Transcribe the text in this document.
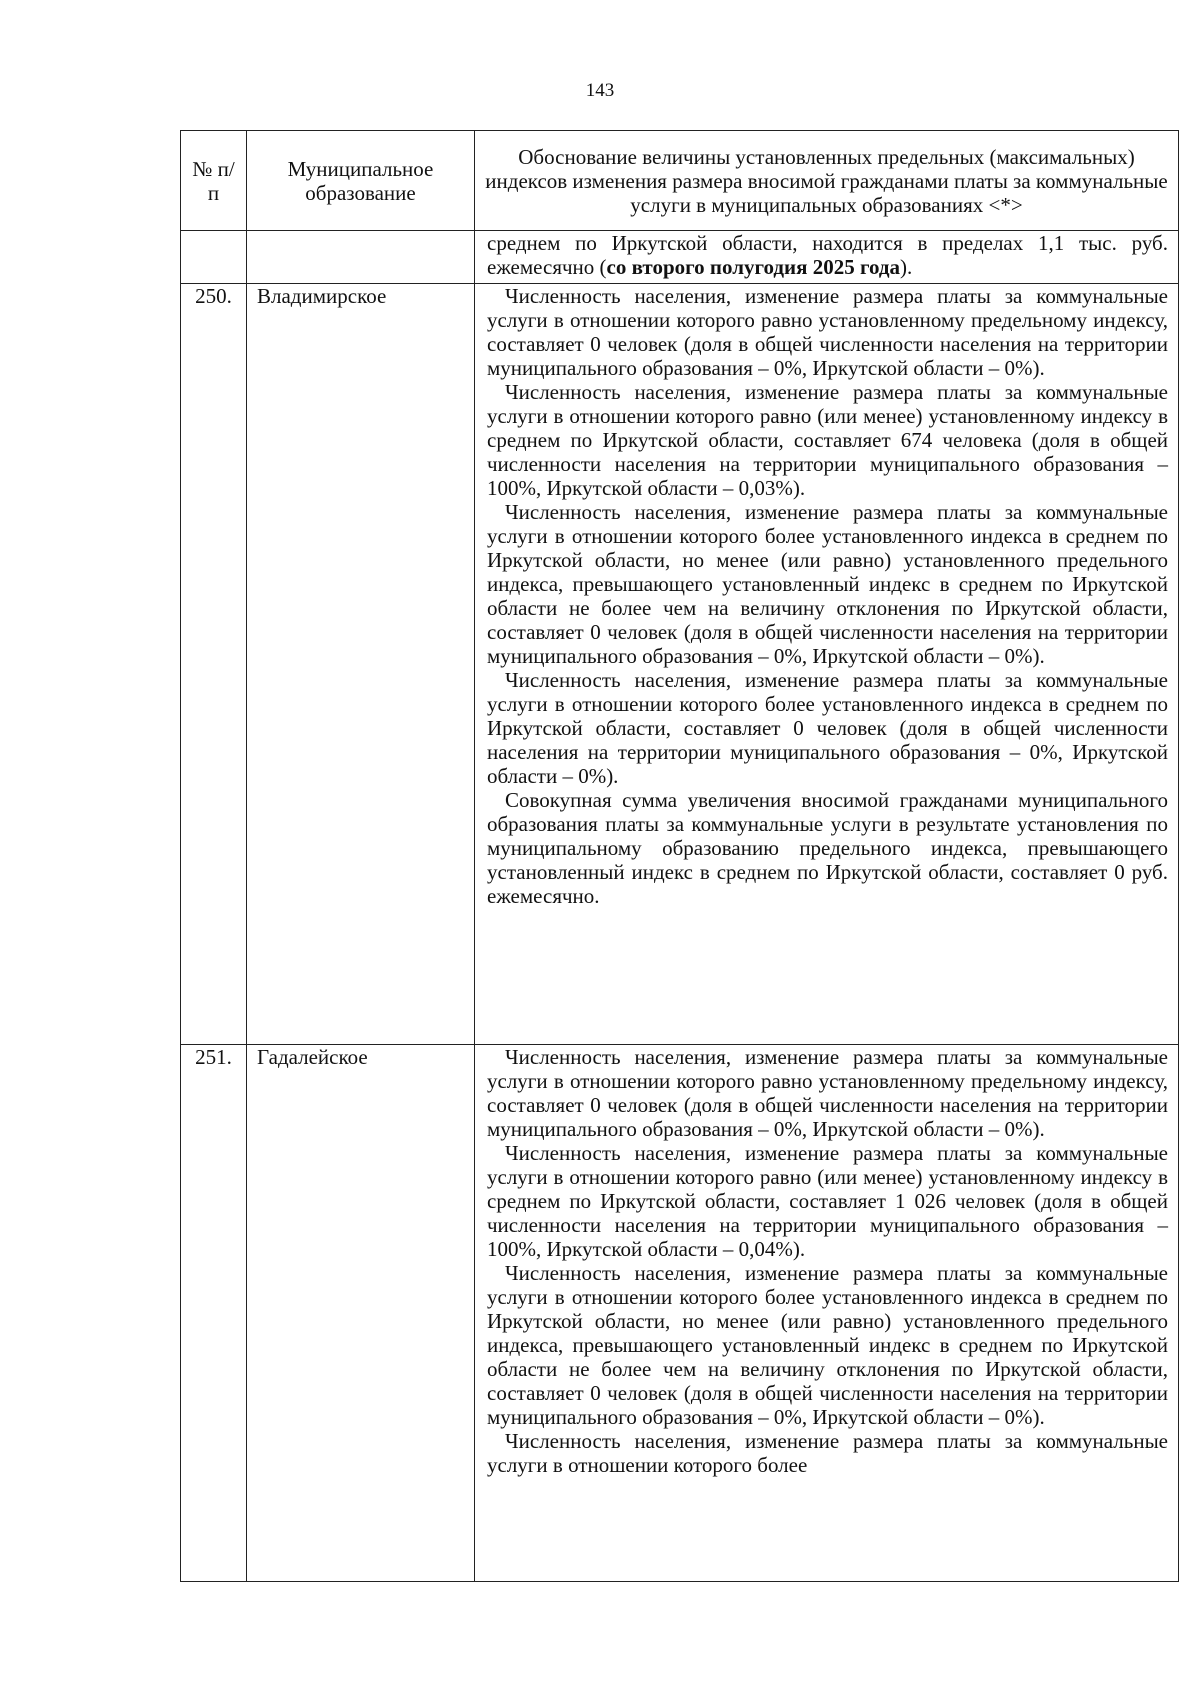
143
№ п/п	Муниципальное образование	Обоснование величины установленных предельных (максимальных) индексов изменения размера вносимой гражданами платы за коммунальные услуги в муниципальных образованиях <*>

		среднем по Иркутской области, находится в пределах 1,1 тыс. руб. ежемесячно (со второго полугодия 2025 года).

250.	Владимирское	Численность населения, изменение размера платы за коммунальные услуги в отношении которого равно установленному предельному индексу, составляет 0 человек (доля в общей численности населения на территории муниципального образования – 0%, Иркутской области – 0%).

Численность населения, изменение размера платы за коммунальные услуги в отношении которого равно (или менее) установленному индексу в среднем по Иркутской области, составляет 674 человека (доля в общей численности населения на территории муниципального образования – 100%, Иркутской области – 0,03%).

Численность населения, изменение размера платы за коммунальные услуги в отношении которого более установленного индекса в среднем по Иркутской области, но менее (или равно) установленного предельного индекса, превышающего установленный индекс в среднем по Иркутской области не более чем на величину отклонения по Иркутской области, составляет 0 человек (доля в общей численности населения на территории муниципального образования – 0%, Иркутской области – 0%).

Численность населения, изменение размера платы за коммунальные услуги в отношении которого более установленного индекса в среднем по Иркутской области, составляет 0 человек (доля в общей численности населения на территории муниципального образования – 0%, Иркутской области – 0%).

Совокупная сумма увеличения вносимой гражданами муниципального образования платы за коммунальные услуги в результате установления по муниципальному образованию предельного индекса, превышающего установленный индекс в среднем по Иркутской области, составляет 0 руб. ежемесячно.

251.	Гадалейское	Численность населения, изменение размера платы за коммунальные услуги в отношении которого равно установленному предельному индексу, составляет 0 человек (доля в общей численности населения на территории муниципального образования – 0%, Иркутской области – 0%).

Численность населения, изменение размера платы за коммунальные услуги в отношении которого равно (или менее) установленному индексу в среднем по Иркутской области, составляет 1 026 человек (доля в общей численности населения на территории муниципального образования – 100%, Иркутской области – 0,04%).

Численность населения, изменение размера платы за коммунальные услуги в отношении которого более установленного индекса в среднем по Иркутской области, но менее (или равно) установленного предельного индекса, превышающего установленный индекс в среднем по Иркутской области не более чем на величину отклонения по Иркутской области, составляет 0 человек (доля в общей численности населения на территории муниципального образования – 0%, Иркутской области – 0%).

Численность населения, изменение размера платы за коммунальные услуги в отношении которого более
